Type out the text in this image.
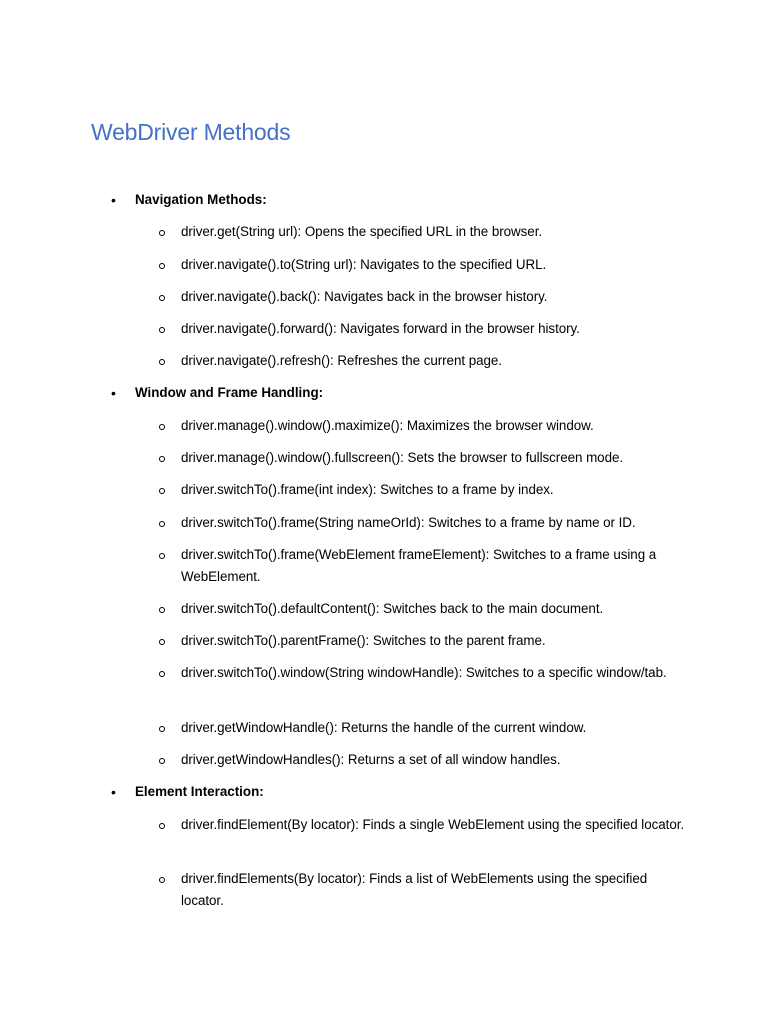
WebDriver Methods
•	Navigation Methods:
driver.get(String url): Opens the specified URL in the browser.
driver.navigate().to(String url): Navigates to the specified URL.
driver.navigate().back(): Navigates back in the browser history.
driver.navigate().forward(): Navigates forward in the browser history.
driver.navigate().refresh(): Refreshes the current page.
•	Window and Frame Handling:
driver.manage().window().maximize(): Maximizes the browser window.
driver.manage().window().fullscreen(): Sets the browser to fullscreen mode.
driver.switchTo().frame(int index): Switches to a frame by index.
driver.switchTo().frame(String nameOrId): Switches to a frame by name or ID.
driver.switchTo().frame(WebElement frameElement): Switches to a frame using a WebElement.
driver.switchTo().defaultContent(): Switches back to the main document.
driver.switchTo().parentFrame(): Switches to the parent frame.
driver.switchTo().window(String windowHandle): Switches to a specific window/tab.
driver.getWindowHandle(): Returns the handle of the current window.
driver.getWindowHandles(): Returns a set of all window handles.
•	Element Interaction:
driver.findElement(By locator): Finds a single WebElement using the specified locator.
driver.findElements(By locator): Finds a list of WebElements using the specified locator.
